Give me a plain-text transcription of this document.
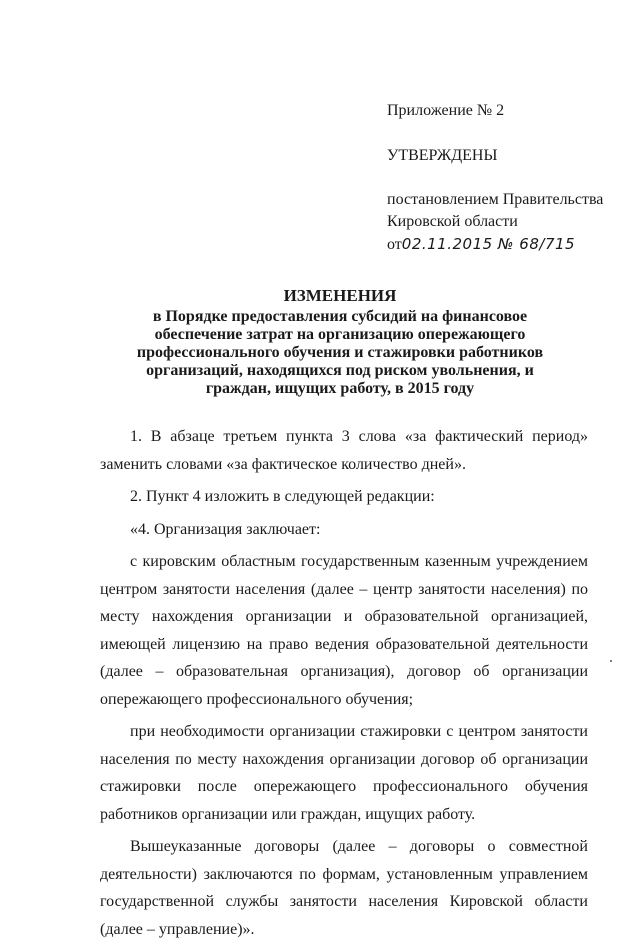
Приложение № 2
УТВЕРЖДЕНЫ
постановлением Правительства
Кировской области
от02.11.2015 № 68/715
ИЗМЕНЕНИЯ
в Порядке предоставления субсидий на финансовое
обеспечение затрат на организацию опережающего
профессионального обучения и стажировки работников
организаций, находящихся под риском увольнения, и
граждан, ищущих работу, в 2015 году

1. В абзаце третьем пункта 3 слова «за фактический период» заменить словами «за фактическое количество дней».

2. Пункт 4 изложить в следующей редакции:

«4. Организация заключает:

с кировским областным государственным казенным учреждением центром занятости населения (далее – центр занятости населения) по месту нахождения организации и образовательной организацией, имеющей лицензию на право ведения образовательной деятельности (далее – образовательная организация), договор об организации опережающего профессионального обучения;

при необходимости организации стажировки с центром занятости населения по месту нахождения организации договор об организации стажировки после опережающего профессионального обучения работников организации или граждан, ищущих работу.

Вышеуказанные договоры (далее – договоры о совместной деятельности) заключаются по формам, установленным управлением государственной службы занятости населения Кировской области (далее – управление)».
